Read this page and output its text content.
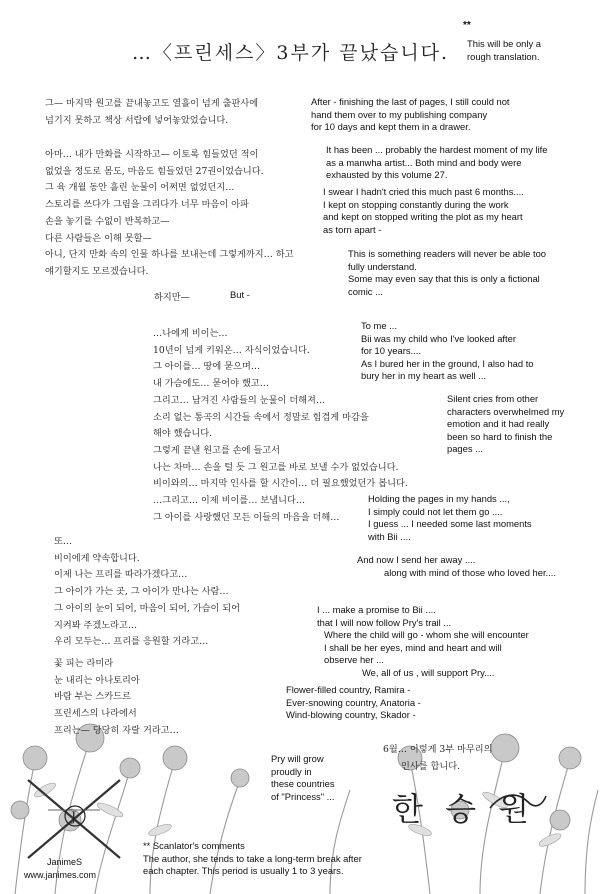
…〈프린세스〉3부가 끝났습니다.
**
This will be only a
rough translation.
그— 마지막 원고를 끝내놓고도 열흘이 넘게 출판사에
넘기지 못하고 책상 서랍에 넣어놓았었습니다.
아마… 내가 만화를 시작하고— 이토록 힘들었던 적이
없었을 정도로 몸도, 마음도 힘들었던 27권이었습니다.
그 육 개월 동안 흘린 눈물이 어쩌면 없었던지…
스토리를 쓰다가 그림을 그리다가 너무 마음이 아파
손을 놓기를 수없이 반복하고—
다른 사람들은 이해 못할—
아니, 단지 만화 속의 인물 하나를 보내는데 그렇게까지… 하고
얘기할지도 모르겠습니다.
하지만—
…나에게 비이는…
10년이 넘게 키워온… 자식이었습니다.
그 아이를… 땅에 묻으며…
내 가슴에도… 묻어야 했고…
그리고… 남겨진 사람들의 눈물이 더해져…
소리 없는 통곡의 시간들 속에서 정말로 힘겹게 마감을
해야 했습니다.
그렇게 끝낸 원고를 손에 들고서
나는 차마… 손을 털 듯 그 원고를 바로 보낼 수가 없었습니다.
비이와의… 마지막 인사를 할 시간이… 더 필요했었던가 봅니다.
…그리고… 이제 비이를… 보냅니다…
그 아이를 사랑했던 모든 이들의 마음을 더해…
또…
비이에게 약속합니다.
이제 나는 프리를 따라가겠다고…
그 아이가 가는 곳, 그 아이가 만나는 사람…
그 아이의 눈이 되어, 마음이 되어, 가슴이 되어
지켜봐 주겠노라고…
우리 모두는… 프리를 응원할 거라고…
꽃 피는 라미라
눈 내리는 아나토리아
바람 부는 스카드르
프린세스의 나라에서
프리는— 당당히 자랄 거라고…
After - finishing the last of pages, I still could not
hand them over to my publishing company
for 10 days and kept them in a drawer.
It has been ... probably the hardest moment of my life
as a manwha artist... Both mind and body were
exhausted by this volume 27.
I swear I hadn't cried this much past 6 months....
I kept on stopping constantly during the work
and kept on stopped writing the plot as my heart
as torn apart -
This is something readers will never be able too
fully understand.
Some may even say that this is only a fictional
comic ...
But -
To me ...
Bii was my child who I've looked after
for 10 years....
As I bured her in the ground, I also had to
bury her in my heart as well ...
Silent cries from other
characters overwhelmed my
emotion and it had really
been so hard to finish the
pages ...
Holding the pages in my hands ...,
I simply could not let them go ....
I guess ... I needed some last moments
with Bii ....
And now I send her away ....
along with mind of those who loved her....
I ... make a promise to Bii ....
that I will now follow Pry's trail ...
Where the child will go - whom she will encounter
I shall be her eyes, mind and heart and will
observe her ...
We, all of us , will support Pry....
Flower-filled country, Ramira -
Ever-snowing country, Anatoria -
Wind-blowing country, Skador -
Pry will grow
proudly in
these countries
of "Princess" ...
6월… 이렇게 3부 마무리의
인사를 합니다.
한 승 원
J
JanimeS
www.janimes.com
** Scanlator's comments
The author, she tends to take a long-term break after
each chapter. This period is usually 1 to 3 years.
